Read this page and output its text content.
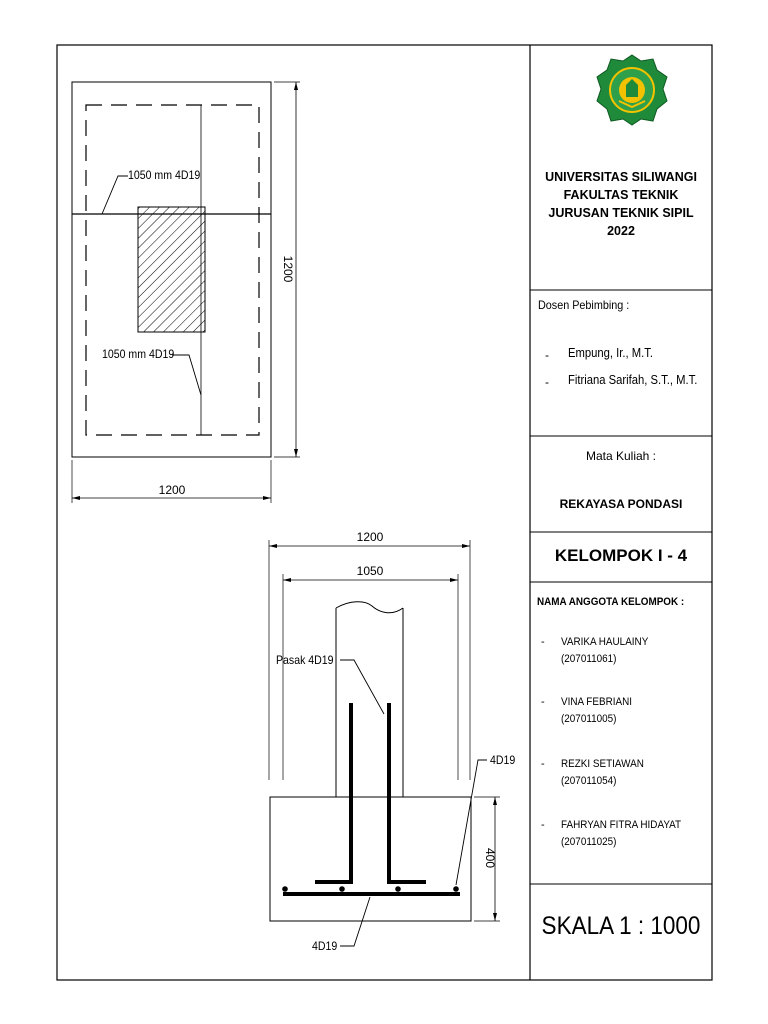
1050 mm 4D19
1050 mm 4D19
1200
1200
1200
1050
Pasak 4D19
4D19
4D19
400
UNIVERSITAS SILIWANGI
FAKULTAS TEKNIK
JURUSAN TEKNIK SIPIL
2022
Dosen Pebimbing :
- Empung, Ir., M.T.
- Fitriana Sarifah, S.T., M.T.
Mata Kuliah :
REKAYASA PONDASI
KELOMPOK I - 4
NAMA ANGGOTA KELOMPOK :
- VARIKA HAULAINY
(207011061)
- VINA FEBRIANI
(207011005)
- REZKI SETIAWAN
(207011054)
- FAHRYAN FITRA HIDAYAT
(207011025)
SKALA 1 : 1000
